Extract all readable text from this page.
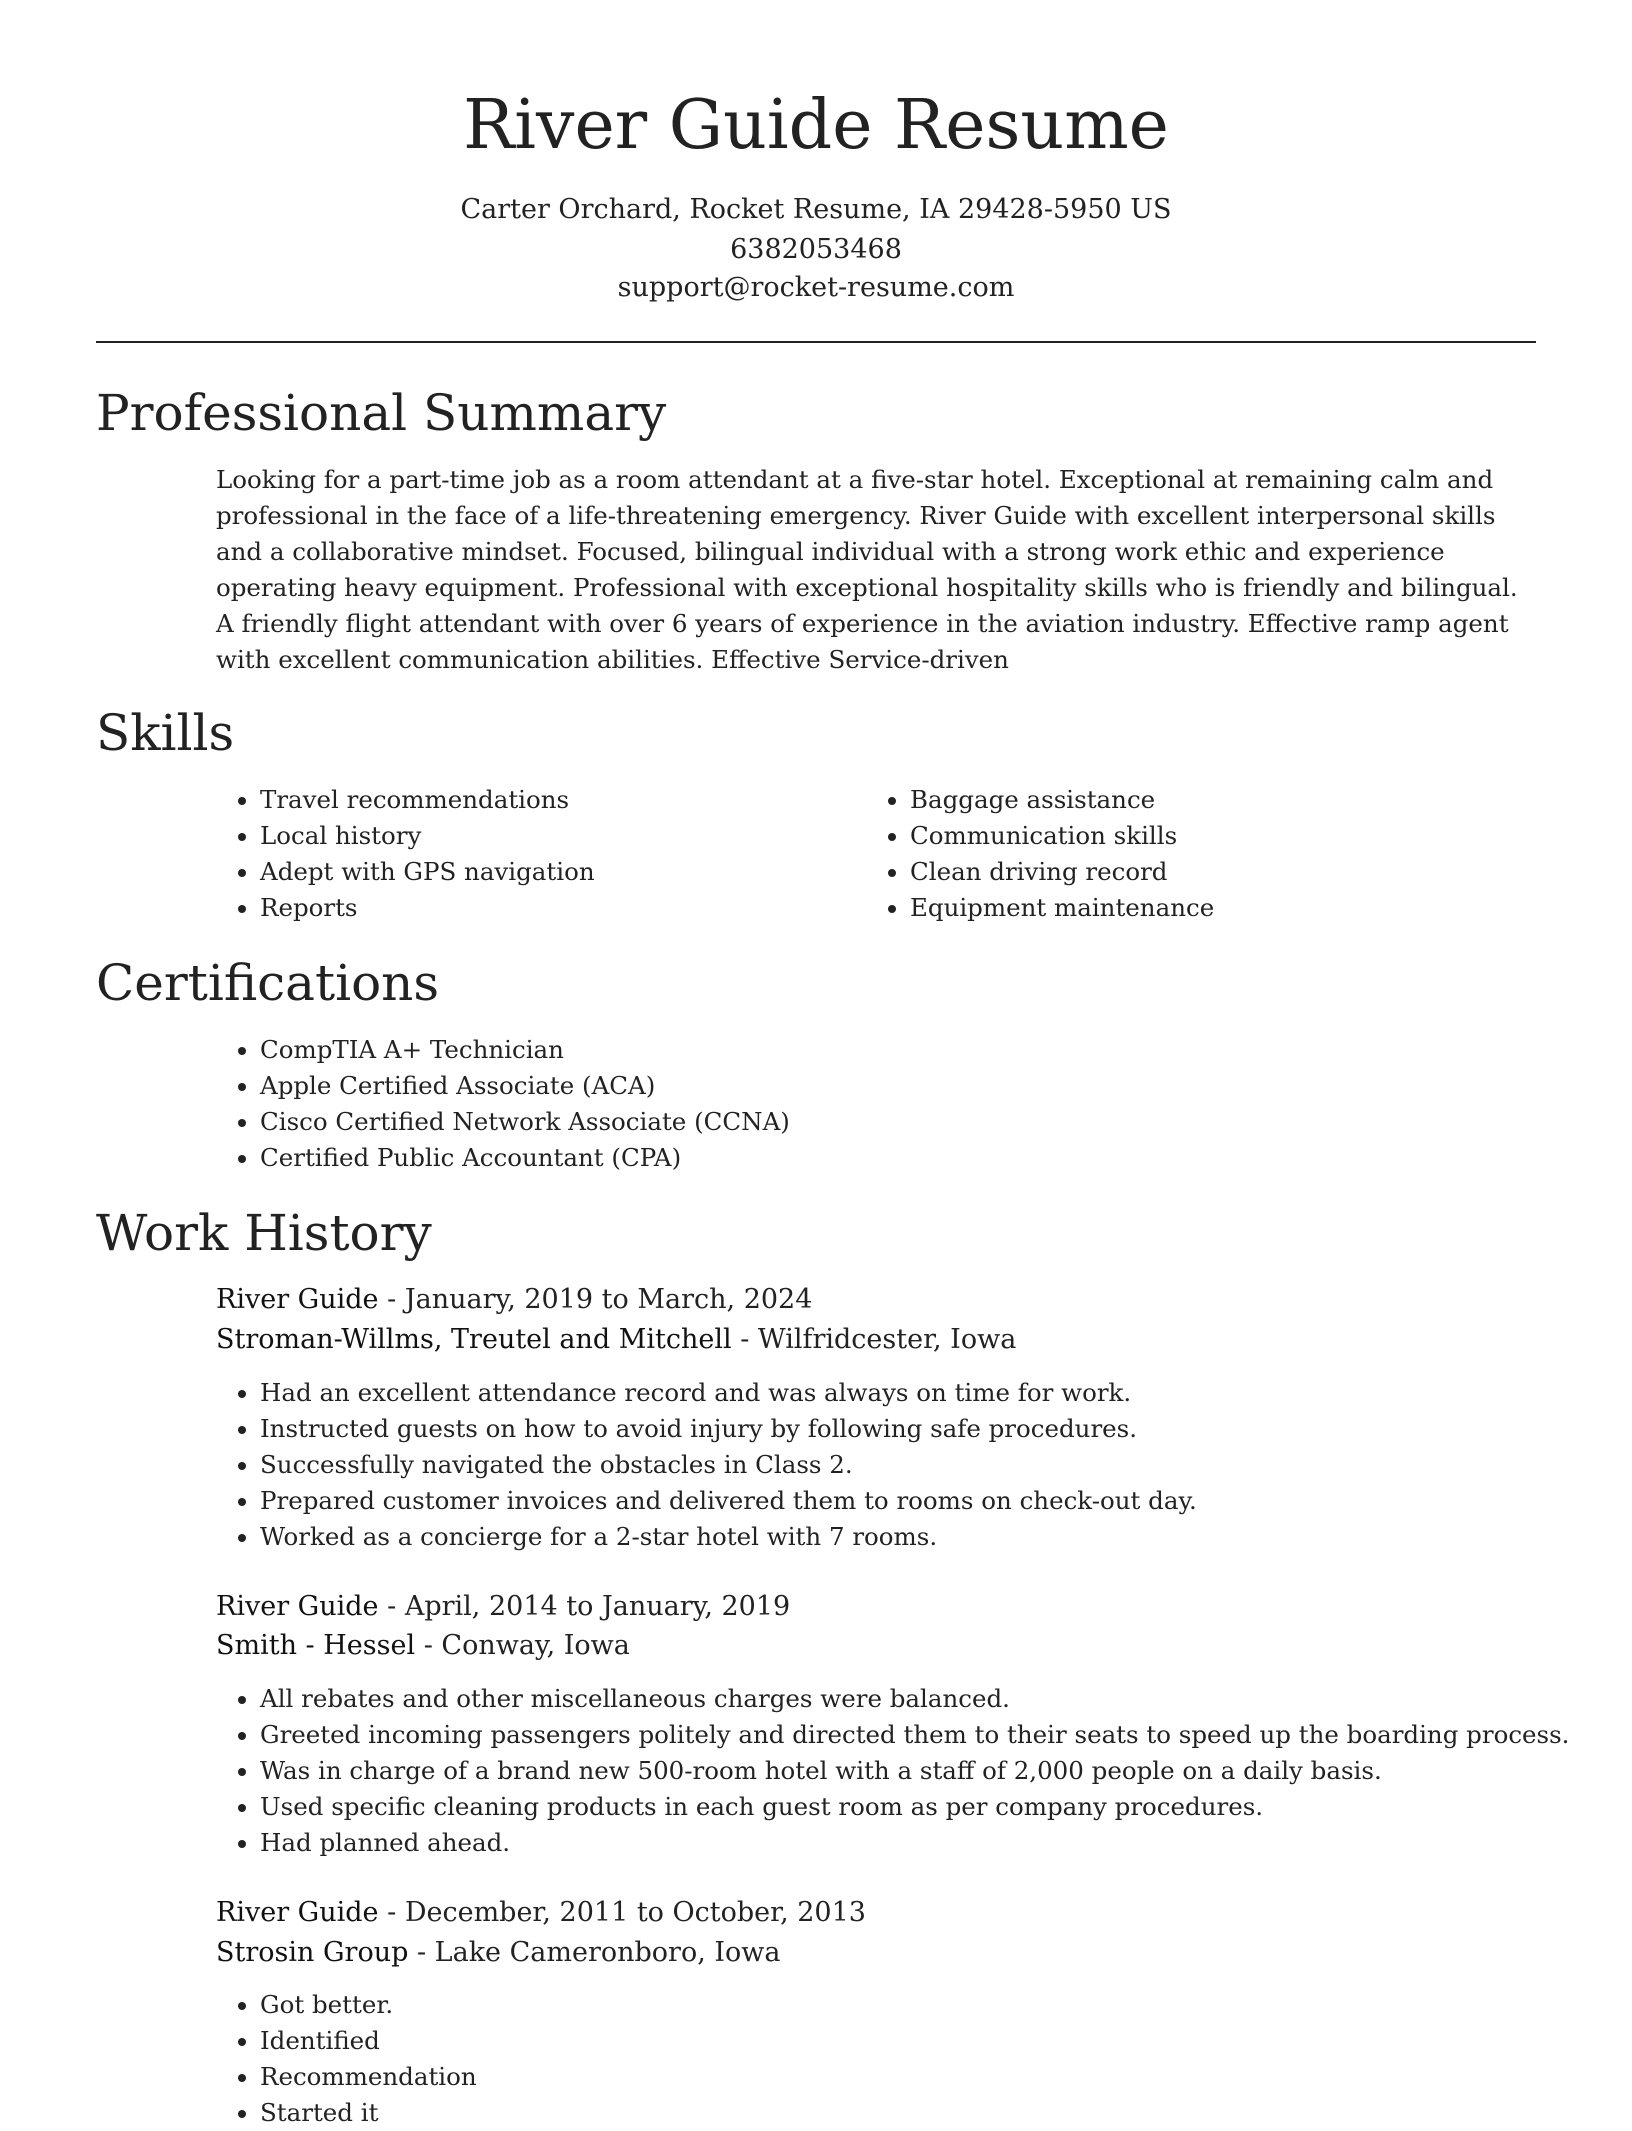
River Guide Resume
Carter Orchard, Rocket Resume, IA 29428-5950 US
6382053468
support@rocket-resume.com
Professional Summary

Looking for a part-time job as a room attendant at a five-star hotel. Exceptional at remaining calm and professional in the face of a life-threatening emergency. River Guide with excellent interpersonal skills and a collaborative mindset. Focused, bilingual individual with a strong work ethic and experience operating heavy equipment. Professional with exceptional hospitality skills who is friendly and bilingual. A friendly flight attendant with over 6 years of experience in the aviation industry. Effective ramp agent with excellent communication abilities. Effective Service-driven

Skills
• Travel recommendations
• Local history
• Adept with GPS navigation
• Reports
• Baggage assistance
• Communication skills
• Clean driving record
• Equipment maintenance
Certifications
• CompTIA A+ Technician
• Apple Certified Associate (ACA)
• Cisco Certified Network Associate (CCNA)
• Certified Public Accountant (CPA)
Work History
River Guide - January, 2019 to March, 2024
Stroman-Willms, Treutel and Mitchell - Wilfridcester, Iowa
• Had an excellent attendance record and was always on time for work.
• Instructed guests on how to avoid injury by following safe procedures.
• Successfully navigated the obstacles in Class 2.
• Prepared customer invoices and delivered them to rooms on check-out day.
• Worked as a concierge for a 2-star hotel with 7 rooms.
River Guide - April, 2014 to January, 2019
Smith - Hessel - Conway, Iowa
• All rebates and other miscellaneous charges were balanced.
• Greeted incoming passengers politely and directed them to their seats to speed up the boarding process.
• Was in charge of a brand new 500-room hotel with a staff of 2,000 people on a daily basis.
• Used specific cleaning products in each guest room as per company procedures.
• Had planned ahead.
River Guide - December, 2011 to October, 2013
Strosin Group - Lake Cameronboro, Iowa
• Got better.
• Identified
• Recommendation
• Started it
